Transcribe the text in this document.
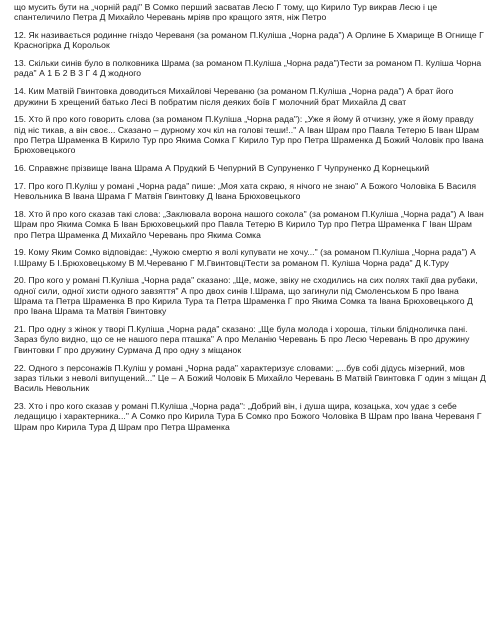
що мусить бути на „чорній раді" В Сомко перший засватав Лесю Г тому, що Кирило Тур викрав Лесю і це спантеличило Петра Д Михайло Черевань мріяв про кращого зятя, ніж Петро

12. Як називається родинне гніздо Череваня (за романом П.Куліша „Чорна рада") А Орлине Б Хмарище В Огнище Г Красногірка Д Корольок

13. Скільки синів було в полковника Шрама (за романом П.Куліша „Чорна рада")Тести за романом П. Куліша Чорна рада" А 1 Б 2 В 3 Г 4 Д жодного

14. Ким Матвій Гвинтовка доводиться Михайлові Череваню (за романом П.Куліша „Чорна рада") А брат його дружини Б хрещений батько Лесі В побратим після деяких боїв Г молочний брат Михайла Д сват

15. Хто й про кого говорить слова (за романом П.Куліша „Чорна рада"): „Уже я йому й отчизну, уже я йому правду під ніс тикав, а він своє... Сказано – дурному хоч кіл на голові теши!.." А Іван Шрам про Павла Тетерю Б Іван Шрам про Петра Шраменка В Кирило Тур про Якима Сомка Г Кирило Тур про Петра Шраменка Д Божий Чоловік про Івана Брюховецького

16. Справжнє прізвище Івана Шрама А Прудкий Б Чепурний В Супруненко Г Чупруненко Д Корнецький

17. Про кого П.Куліш у романі „Чорна рада" пише: „Моя хата скраю, я нічого не знаю" А Божого Чоловіка Б Василя Невольника В Івана Шрама Г Матвія Гвинтовку Д Івана Брюховецького

18. Хто й про кого сказав такі слова: „Заклювала ворона нашого сокола" (за романом П.Куліша „Чорна рада") А Іван Шрам про Якима Сомка Б Іван Брюховецький про Павла Тетерю В Кирило Тур про Петра Шраменка Г Іван Шрам про Петра Шраменка Д Михайло Черевань про Якима Сомка

19. Кому Яким Сомко відповідає: „Чужою смертю я волі купувати не хочу..." (за романом П.Куліша „Чорна рада") А І.Шраму Б І.Брюховецькому В М.Череваню Г М.ГвинтовцїТести за романом П. Куліша Чорна рада" Д К.Туру

20. Про кого у романі П.Куліша „Чорна рада" сказано: „Ще, може, звіку не сходились на сих полях такії два рубаки, одної сили, одної хисти одного завзяття" А про двох синів І.Шрама, що загинули під Смоленськом Б про Івана Шрама та Петра Шраменка В про Кирила Тура та Петра Шраменка Г про Якима Сомка та Івана Брюховецького Д про Івана Шрама та Матвія Гвинтовку

21. Про одну з жінок у творі П.Куліша „Чорна рада" сказано: „Ще була молода і хороша, тільки блідноличка пані. Зараз було видно, що се не нашого пера пташка" А про Меланію Черевань Б про Лесю Черевань В про дружину Гвинтовки Г про дружину Сурмача Д про одну з міщанок

22. Одного з персонажів П.Куліш у романі „Чорна рада" характеризує словами: „...був собі дідусь мізерний, мов зараз тільки з неволі випущений..." Це – А Божий Чоловік Б Михайло Черевань В Матвій Гвинтовка Г один з міщан Д Василь Невольник

23. Хто і про кого сказав у романі П.Куліша „Чорна рада": „Добрий він, і душа щира, козацька, хоч удає з себе ледащицю і характерника..." А Сомко про Кирила Тура Б Сомко про Божого Чоловіка В Шрам про Івана Череваня Г Шрам про Кирила Тура Д Шрам про Петра Шраменка
